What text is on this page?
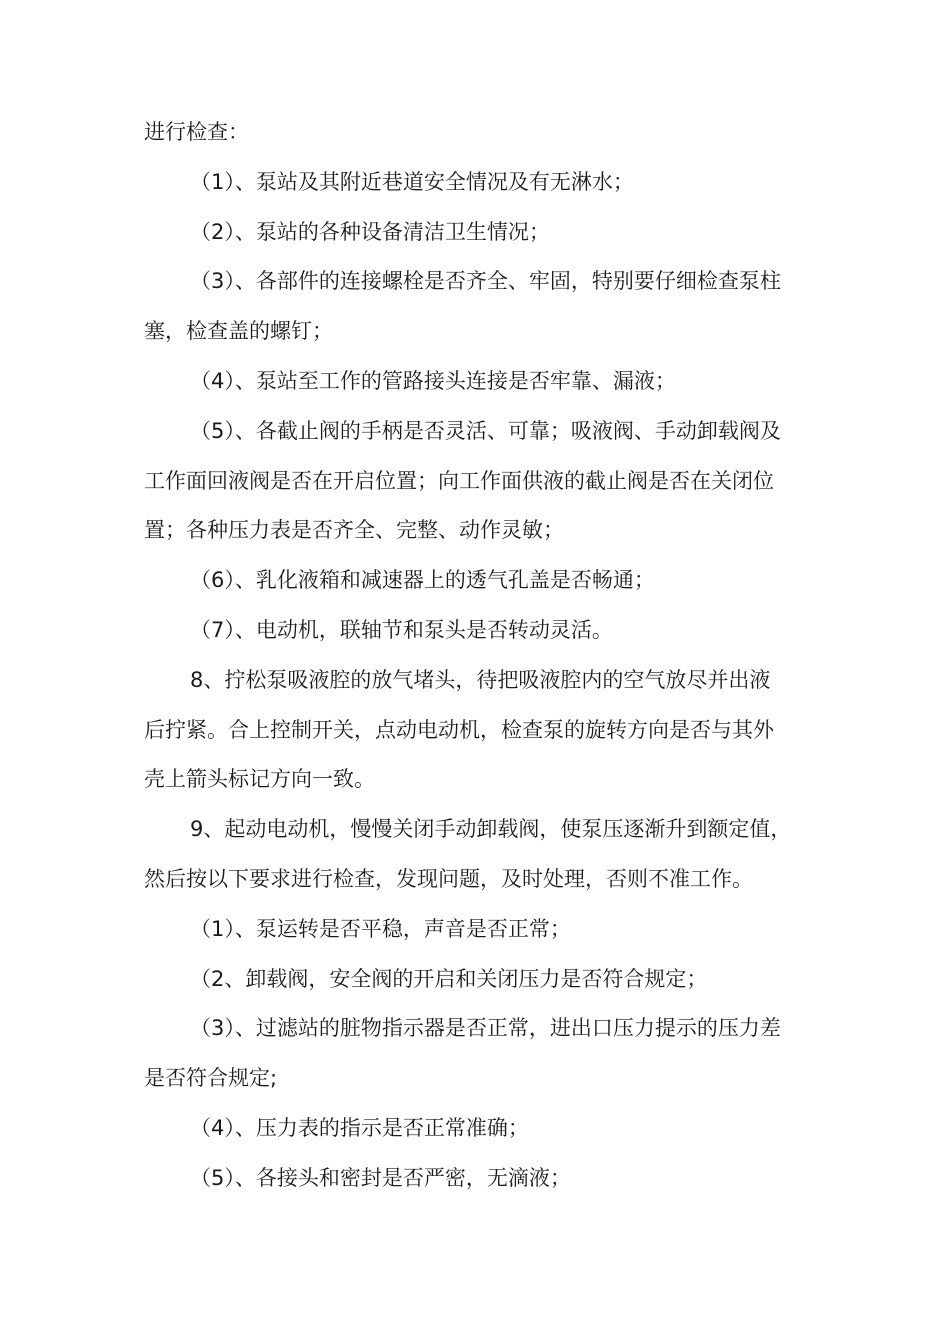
进行检查：
（1）、泵站及其附近巷道安全情况及有无淋水；
（2）、泵站的各种设备清洁卫生情况；
（3）、各部件的连接螺栓是否齐全、牢固，特别要仔细检查泵柱
塞，检查盖的螺钉；
（4）、泵站至工作的管路接头连接是否牢靠、漏液；
（5）、各截止阀的手柄是否灵活、可靠；吸液阀、手动卸载阀及
工作面回液阀是否在开启位置；向工作面供液的截止阀是否在关闭位
置；各种压力表是否齐全、完整、动作灵敏；
（6）、乳化液箱和减速器上的透气孔盖是否畅通；
（7）、电动机，联轴节和泵头是否转动灵活。
8、拧松泵吸液腔的放气堵头，待把吸液腔内的空气放尽并出液
后拧紧。合上控制开关，点动电动机，检查泵的旋转方向是否与其外
壳上箭头标记方向一致。
9、起动电动机，慢慢关闭手动卸载阀，使泵压逐渐升到额定值，
然后按以下要求进行检查，发现问题，及时处理，否则不准工作。
（1）、泵运转是否平稳，声音是否正常；
（2、卸载阀，安全阀的开启和关闭压力是否符合规定；
（3）、过滤站的脏物指示器是否正常，进出口压力提示的压力差
是否符合规定;
（4）、压力表的指示是否正常准确；
（5）、各接头和密封是否严密，无滴液；
